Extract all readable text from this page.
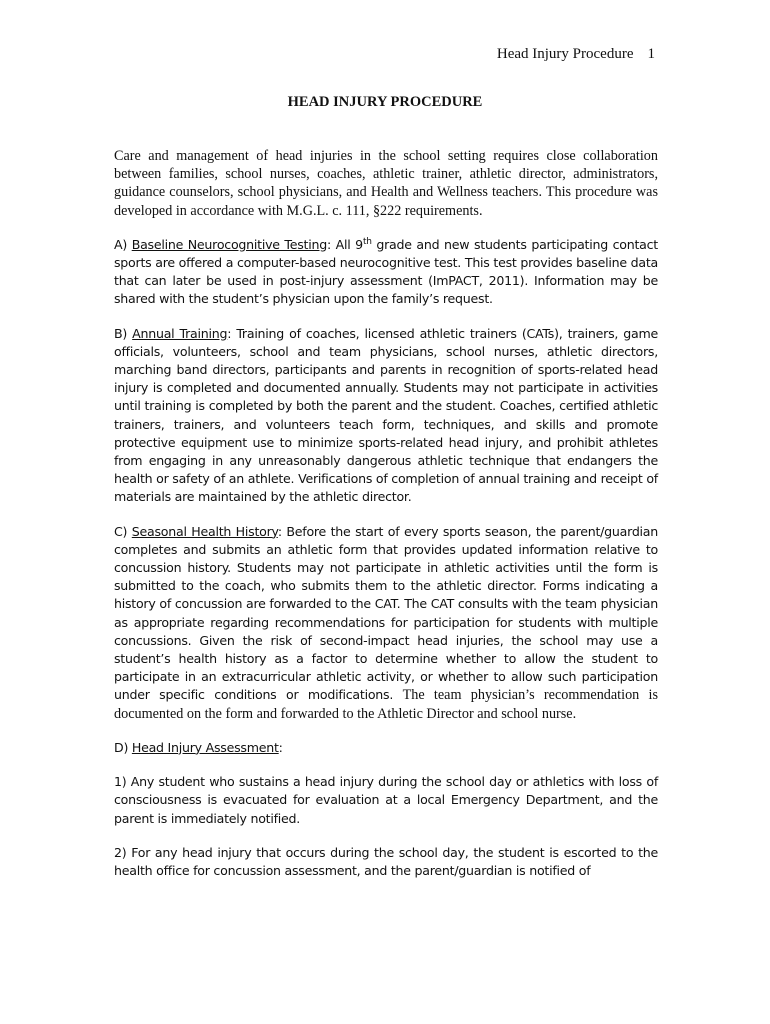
Head Injury Procedure 1
HEAD INJURY PROCEDURE

Care and management of head injuries in the school setting requires close collaboration between families, school nurses, coaches, athletic trainer, athletic director, administrators, guidance counselors, school physicians, and Health and Wellness teachers. This procedure was developed in accordance with M.G.L. c. 111, §222 requirements.

A) Baseline Neurocognitive Testing: All 9th grade and new students participating contact sports are offered a computer-based neurocognitive test. This test provides baseline data that can later be used in post-injury assessment (ImPACT, 2011). Information may be shared with the student’s physician upon the family’s request.

B) Annual Training: Training of coaches, licensed athletic trainers (CATs), trainers, game officials, volunteers, school and team physicians, school nurses, athletic directors, marching band directors, participants and parents in recognition of sports-related head injury is completed and documented annually. Students may not participate in activities until training is completed by both the parent and the student. Coaches, certified athletic trainers, trainers, and volunteers teach form, techniques, and skills and promote protective equipment use to minimize sports-related head injury, and prohibit athletes from engaging in any unreasonably dangerous athletic technique that endangers the health or safety of an athlete. Verifications of completion of annual training and receipt of materials are maintained by the athletic director.

C) Seasonal Health History: Before the start of every sports season, the parent/guardian completes and submits an athletic form that provides updated information relative to concussion history. Students may not participate in athletic activities until the form is submitted to the coach, who submits them to the athletic director. Forms indicating a history of concussion are forwarded to the CAT. The CAT consults with the team physician as appropriate regarding recommendations for participation for students with multiple concussions. Given the risk of second-impact head injuries, the school may use a student’s health history as a factor to determine whether to allow the student to participate in an extracurricular athletic activity, or whether to allow such participation under specific conditions or modifications. The team physician’s recommendation is documented on the form and forwarded to the Athletic Director and school nurse.

D) Head Injury Assessment:

1) Any student who sustains a head injury during the school day or athletics with loss of consciousness is evacuated for evaluation at a local Emergency Department, and the parent is immediately notified.

2) For any head injury that occurs during the school day, the student is escorted to the health office for concussion assessment, and the parent/guardian is notified of
